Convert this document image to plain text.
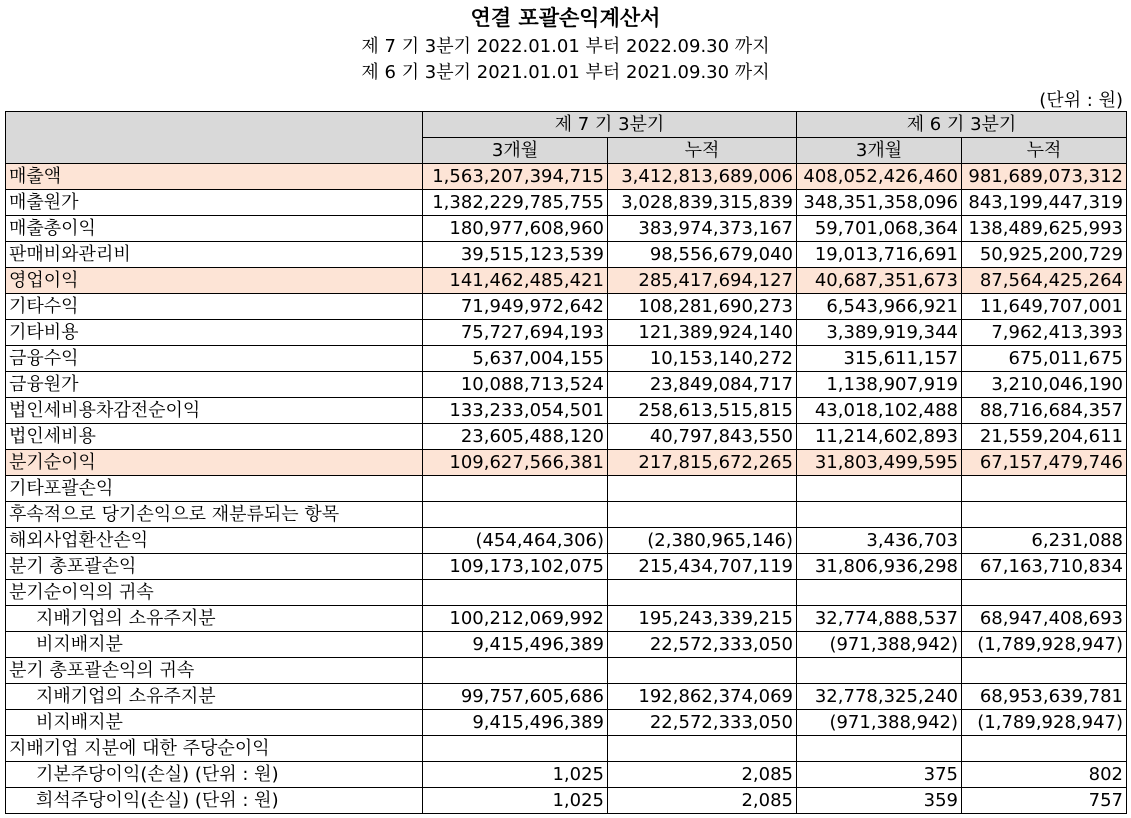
연결 포괄손익계산서
제 7 기 3분기 2022.01.01 부터 2022.09.30 까지
제 6 기 3분기 2021.01.01 부터 2021.09.30 까지
(단위 : 원)
	제 7 기 3분기		제 6 기 3분기	
	3개월	누적	3개월	누적
매출액	1,563,207,394,715	3,412,813,689,006	408,052,426,460	981,689,073,312
매출원가	1,382,229,785,755	3,028,839,315,839	348,351,358,096	843,199,447,319
매출총이익	180,977,608,960	383,974,373,167	59,701,068,364	138,489,625,993
판매비와관리비	39,515,123,539	98,556,679,040	19,013,716,691	50,925,200,729
영업이익	141,462,485,421	285,417,694,127	40,687,351,673	87,564,425,264
기타수익	71,949,972,642	108,281,690,273	6,543,966,921	11,649,707,001
기타비용	75,727,694,193	121,389,924,140	3,389,919,344	7,962,413,393
금융수익	5,637,004,155	10,153,140,272	315,611,157	675,011,675
금융원가	10,088,713,524	23,849,084,717	1,138,907,919	3,210,046,190
법인세비용차감전순이익	133,233,054,501	258,613,515,815	43,018,102,488	88,716,684,357
법인세비용	23,605,488,120	40,797,843,550	11,214,602,893	21,559,204,611
분기순이익	109,627,566,381	217,815,672,265	31,803,499,595	67,157,479,746
기타포괄손익				
후속적으로 당기손익으로 재분류되는 항목				
해외사업환산손익	(454,464,306)	(2,380,965,146)	3,436,703	6,231,088
분기 총포괄손익	109,173,102,075	215,434,707,119	31,806,936,298	67,163,710,834
분기순이익의 귀속				
지배기업의 소유주지분	100,212,069,992	195,243,339,215	32,774,888,537	68,947,408,693
비지배지분	9,415,496,389	22,572,333,050	(971,388,942)	(1,789,928,947)
분기 총포괄손익의 귀속				
지배기업의 소유주지분	99,757,605,686	192,862,374,069	32,778,325,240	68,953,639,781
비지배지분	9,415,496,389	22,572,333,050	(971,388,942)	(1,789,928,947)
지배기업 지분에 대한 주당순이익				
기본주당이익(손실) (단위 : 원)	1,025	2,085	375	802
희석주당이익(손실) (단위 : 원)	1,025	2,085	359	757
